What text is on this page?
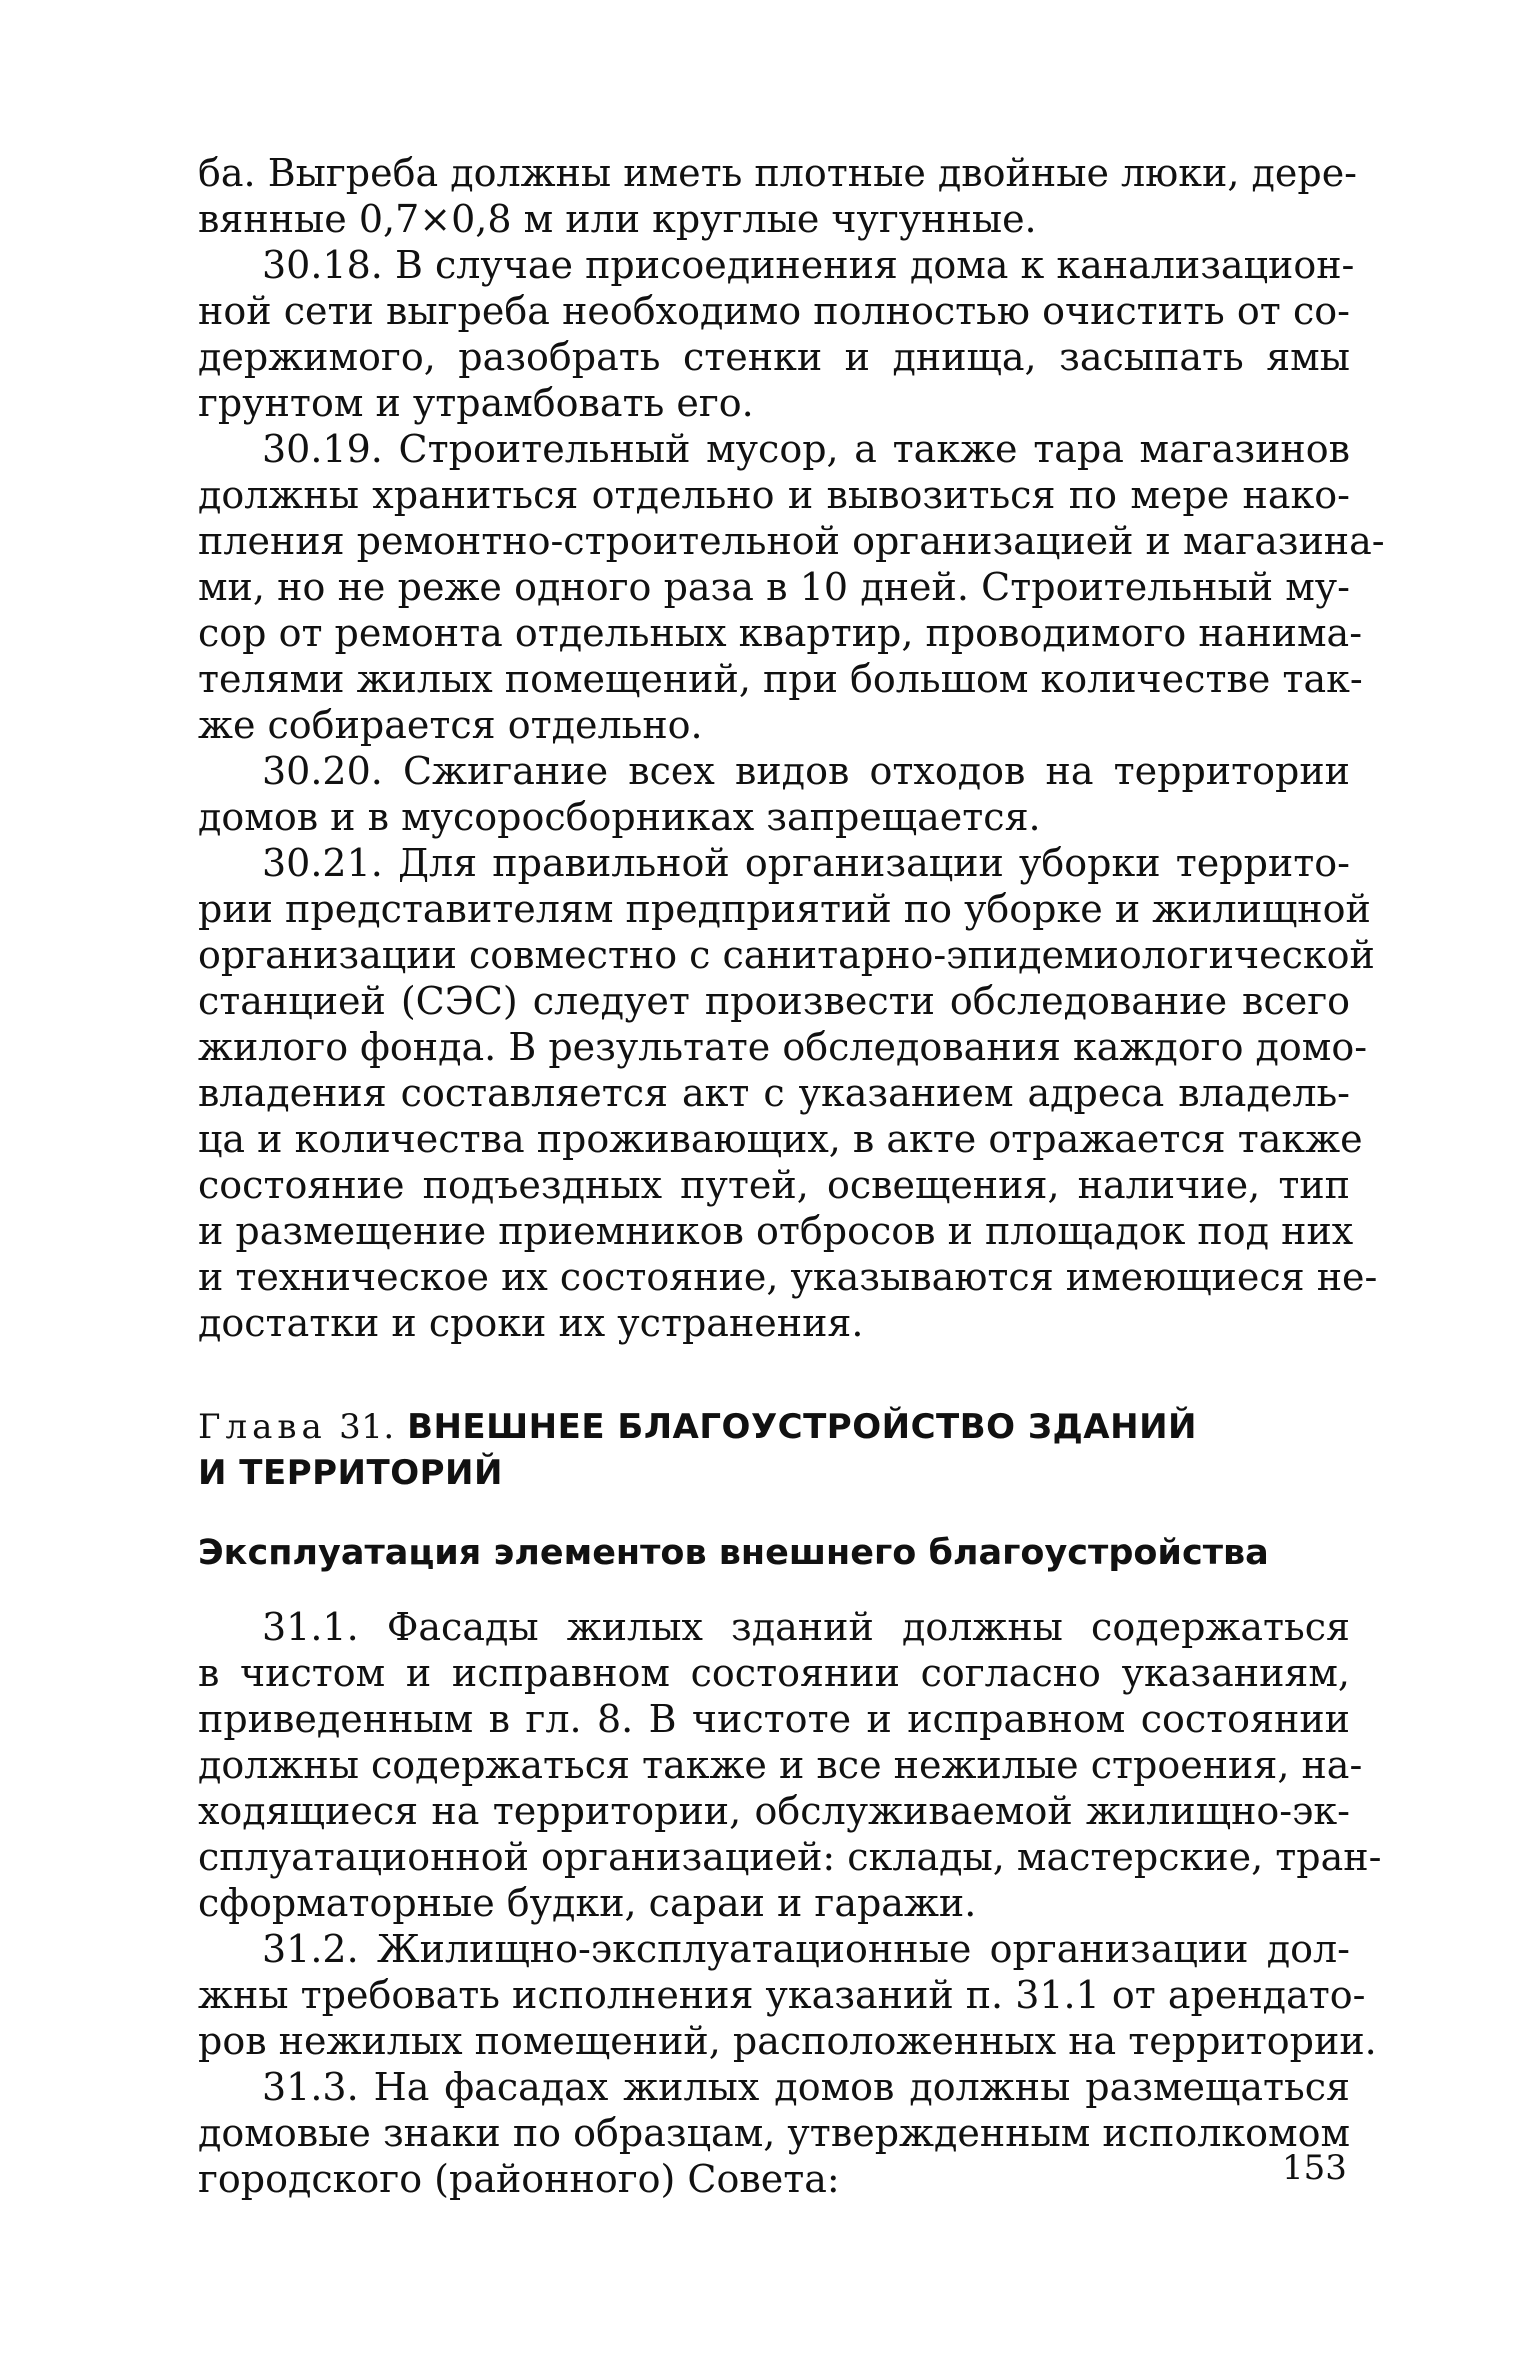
ба. Выгреба должны иметь плотные двойные люки, дере-
вянные 0,7×0,8 м или круглые чугунные.
30.18. В случае присоединения дома к канализацион-
ной сети выгреба необходимо полностью очистить от со-
держимого, разобрать стенки и днища, засыпать ямы
грунтом и утрамбовать его.
30.19. Строительный мусор, а также тара магазинов
должны храниться отдельно и вывозиться по мере нако-
пления ремонтно-строительной организацией и магазина-
ми, но не реже одного раза в 10 дней. Строительный му-
сор от ремонта отдельных квартир, проводимого нанима-
телями жилых помещений, при большом количестве так-
же собирается отдельно.
30.20. Сжигание всех видов отходов на территории
домов и в мусоросборниках запрещается.
30.21. Для правильной организации уборки террито-
рии представителям предприятий по уборке и жилищной
организации совместно с санитарно-эпидемиологической
станцией (СЭС) следует произвести обследование всего
жилого фонда. В результате обследования каждого домо-
владения составляется акт с указанием адреса владель-
ца и количества проживающих, в акте отражается также
состояние подъездных путей, освещения, наличие, тип
и размещение приемников отбросов и площадок под них
и техническое их состояние, указываются имеющиеся не-
достатки и сроки их устранения.
Глава 31. ВНЕШНЕЕ БЛАГОУСТРОЙСТВО ЗДАНИЙ
И ТЕРРИТОРИЙ
Эксплуатация элементов внешнего благоустройства
31.1. Фасады жилых зданий должны содержаться
в чистом и исправном состоянии согласно указаниям,
приведенным в гл. 8. В чистоте и исправном состоянии
должны содержаться также и все нежилые строения, на-
ходящиеся на территории, обслуживаемой жилищно-эк-
сплуатационной организацией: склады, мастерские, тран-
сформаторные будки, сараи и гаражи.
31.2. Жилищно-эксплуатационные организации дол-
жны требовать исполнения указаний п. 31.1 от арендато-
ров нежилых помещений, расположенных на территории.
31.3. На фасадах жилых домов должны размещаться
домовые знаки по образцам, утвержденным исполкомом
городского (районного) Совета:	153
